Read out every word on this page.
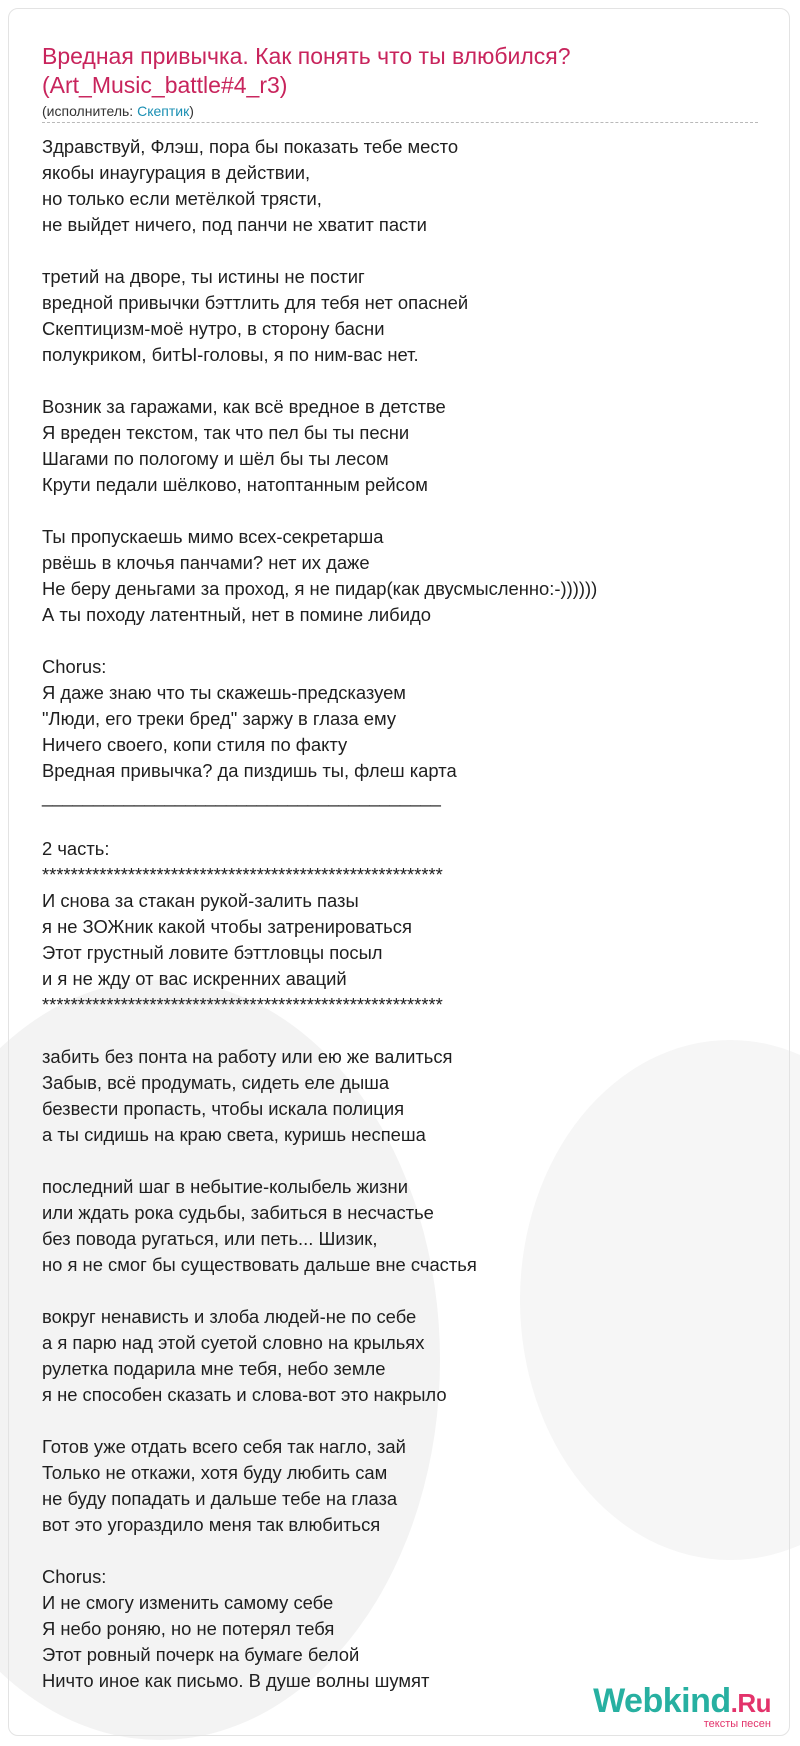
Вредная привычка. Как понять что ты влюбился? (Art_Music_battle#4_r3)
(исполнитель: Скептик)
Здравствуй, Флэш, пора бы показать тебе место
якобы инаугурация в действии,
но только если метёлкой трясти,
не выйдет ничего, под панчи не хватит пасти
третий на дворе, ты истины не постиг
вредной привычки бэттлить для тебя нет опасней
Скептицизм-моё нутро, в сторону басни
полукриком, битЫ-головы, я по ним-вас нет.
Возник за гаражами, как всё вредное в детстве
Я вреден текстом, так что пел бы ты песни
Шагами по пологому и шёл бы ты лесом
Крути педали шёлково, натоптанным рейсом
Ты пропускаешь мимо всех-секретарша
рвёшь в клочья панчами? нет их даже
Не беру деньгами за проход, я не пидар(как двусмысленно:-))))))
А ты походу латентный, нет в помине либидо
Chorus:
Я даже знаю что ты скажешь-предсказуем
"Люди, его треки бред" заржу в глаза ему
Ничего своего, копи стиля по факту
Вредная привычка? да пиздишь ты, флеш карта
_______________________________________
2 часть:
********************************************************
И снова за стакан рукой-залить пазы
я не ЗОЖник какой чтобы затренироваться
Этот грустный ловите бэттловцы посыл
и я не жду от вас искренних аваций
********************************************************
забить без понта на работу или ею же валиться
Забыв, всё продумать, сидеть еле дыша
безвести пропасть, чтобы искала полиция
а ты сидишь на краю света, куришь неспеша
последний шаг в небытие-колыбель жизни
или ждать рока судьбы, забиться в несчастье
без повода ругаться, или петь... Шизик,
но я не смог бы существовать дальше вне счастья
вокруг ненависть и злоба людей-не по себе
а я парю над этой суетой словно на крыльях
рулетка подарила мне тебя, небо земле
я не способен сказать и слова-вот это накрыло
Готов уже отдать всего себя так нагло, зай
Только не откажи, хотя буду любить сам
не буду попадать и дальше тебе на глаза
вот это угораздило меня так влюбиться
Chorus:
И не смогу изменить самому себе
Я небо роняю, но не потерял тебя
Этот ровный почерк на бумаге белой
Ничто иное как письмо. В душе волны шумят
Webkind.Ru
тексты песен
